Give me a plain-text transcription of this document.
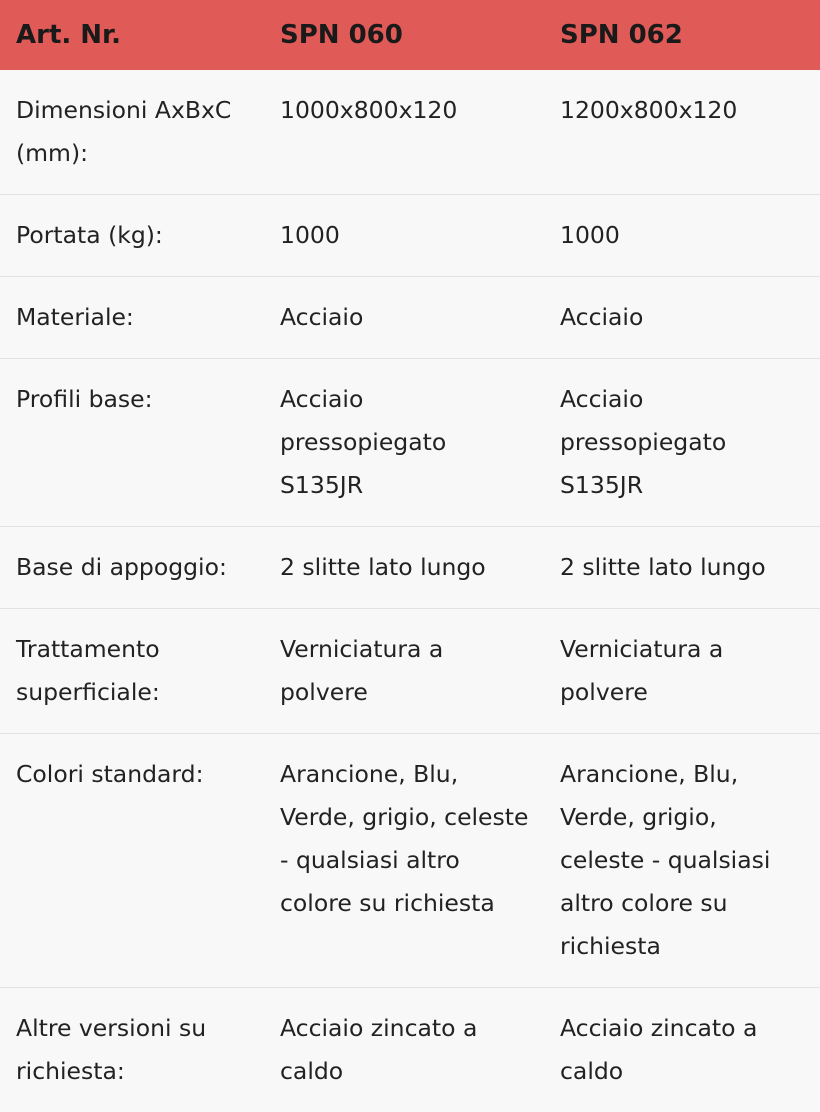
Art. Nr.	SPN 060	SPN 062

Dimensioni AxBxC (mm):	1000x800x120	1200x800x120

Portata (kg):	1000	1000

Materiale:	Acciaio	Acciaio

Profili base:	Acciaio pressopiegato S135JR	Acciaio pressopiegato S135JR

Base di appoggio:	2 slitte lato lungo	2 slitte lato lungo

Trattamento superficiale:	Verniciatura a polvere	Verniciatura a polvere

Colori standard:	Arancione, Blu, Verde, grigio, celeste - qualsiasi altro colore su richiesta	Arancione, Blu, Verde, grigio, celeste - qualsiasi altro colore su richiesta

Altre versioni su richiesta:	Acciaio zincato a caldo	Acciaio zincato a caldo
